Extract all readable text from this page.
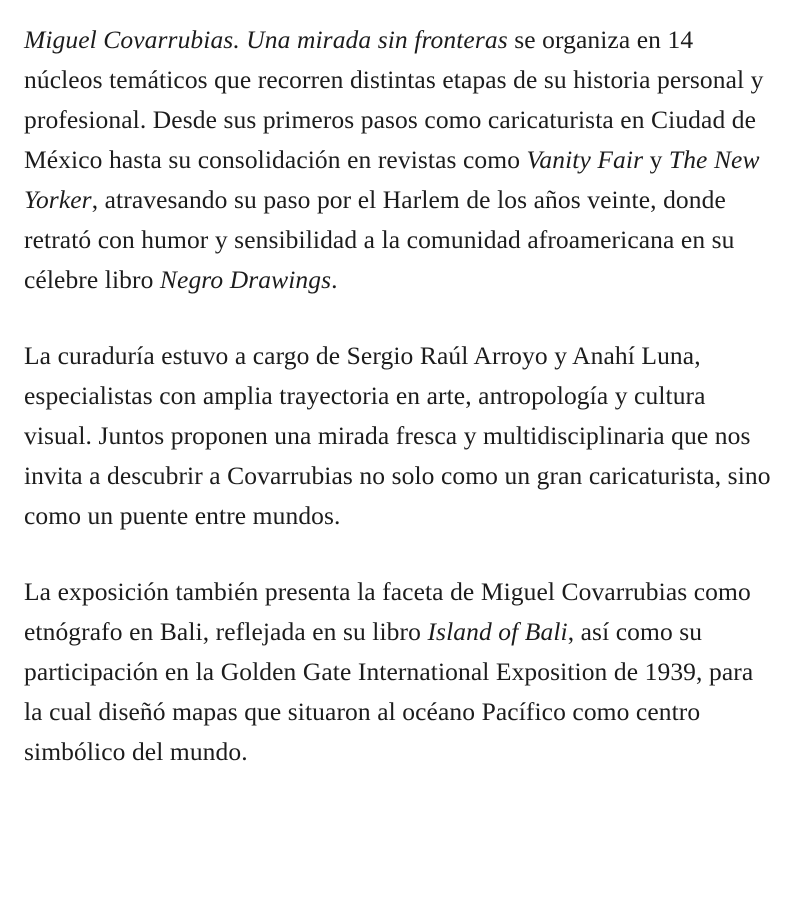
Miguel Covarrubias. Una mirada sin fronteras se organiza en 14 núcleos temáticos que recorren distintas etapas de su historia personal y profesional. Desde sus primeros pasos como caricaturista en Ciudad de México hasta su consolidación en revistas como Vanity Fair y The New Yorker, atravesando su paso por el Harlem de los años veinte, donde retrató con humor y sensibilidad a la comunidad afroamericana en su célebre libro Negro Drawings.

La curaduría estuvo a cargo de Sergio Raúl Arroyo y Anahí Luna, especialistas con amplia trayectoria en arte, antropología y cultura visual. Juntos proponen una mirada fresca y multidisciplinaria que nos invita a descubrir a Covarrubias no solo como un gran caricaturista, sino como un puente entre mundos.

La exposición también presenta la faceta de Miguel Covarrubias como etnógrafo en Bali, reflejada en su libro Island of Bali, así como su participación en la Golden Gate International Exposition de 1939, para la cual diseñó mapas que situaron al océano Pacífico como centro simbólico del mundo.
